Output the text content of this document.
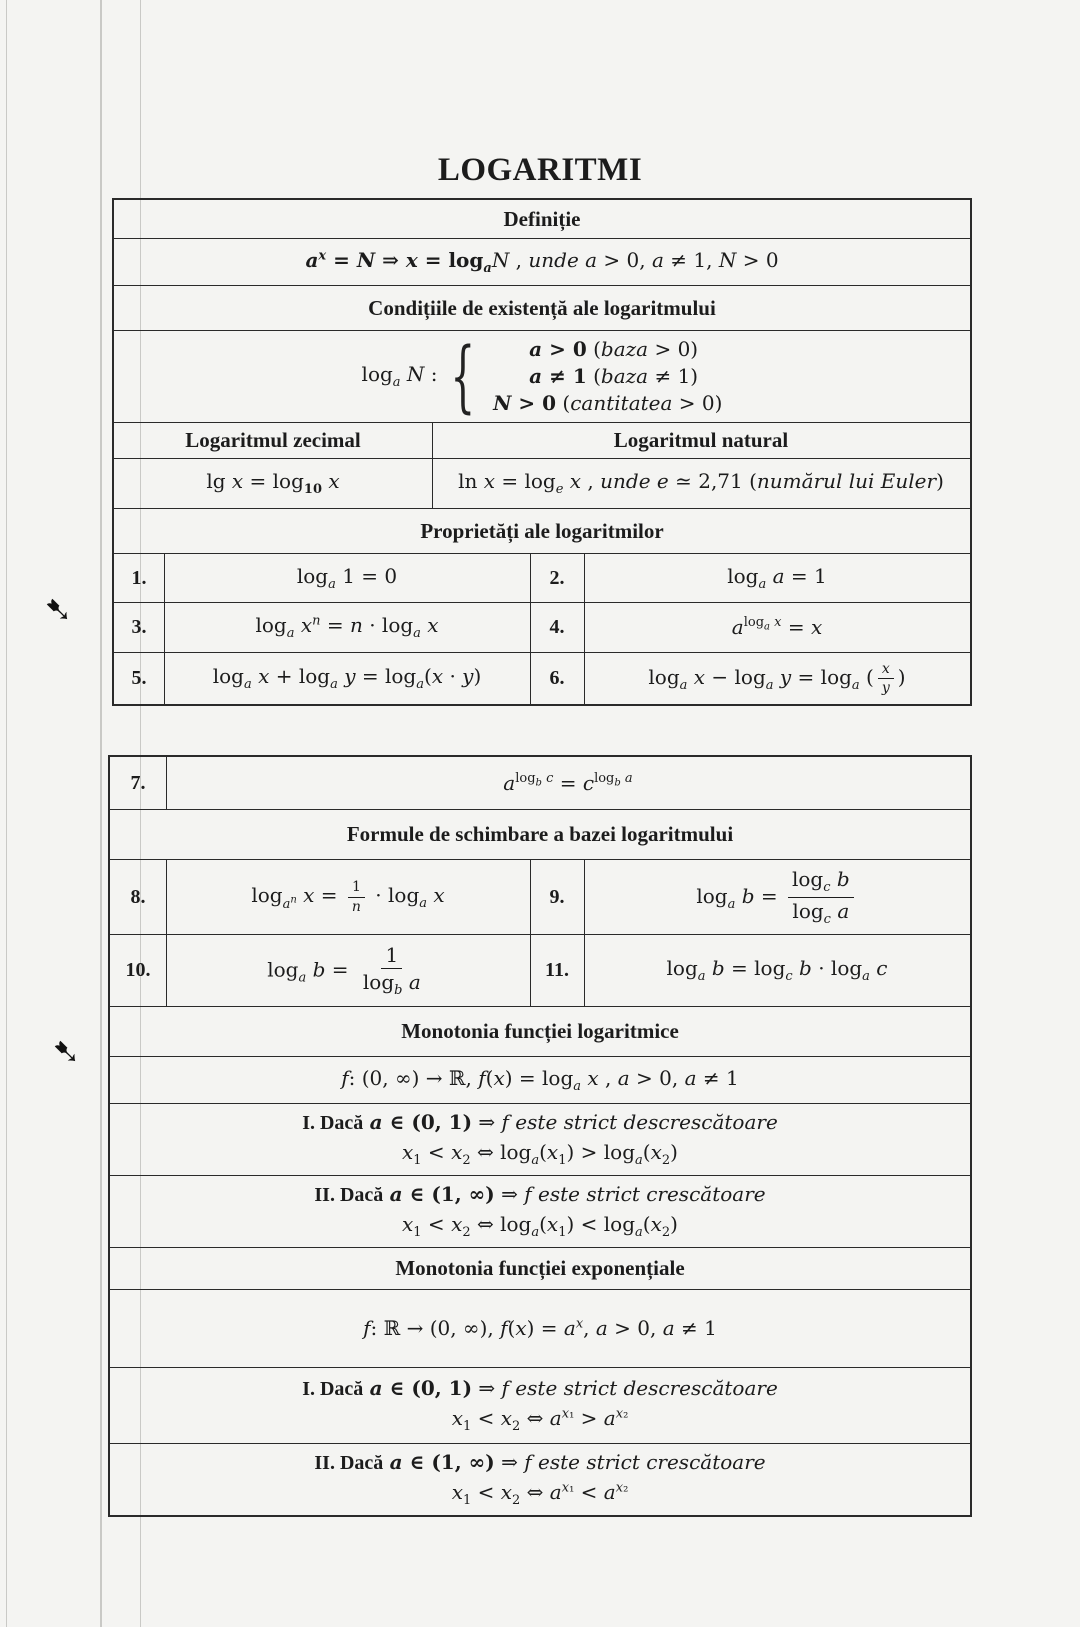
➷
➷
LOGARITMI
Definiție
$a^x = N$ ⇒ $x = \log_aN$ , unde a > 0, a ≠ 1, N > 0
Condițiile de existență ale logaritmului
$\log_a N$ : {	a > 0 (baza > 0)
a ≠ 1 (baza ≠ 1)
N > 0 (cantitatea > 0)
Logaritmul zecimal	Logaritmul natural
$\lg x = \log_{10} x$	$\ln x = \log_e x$ , unde e ≃ 2,71 (numărul lui Euler)
Proprietăți ale logaritmilor
1.	$\log_a 1 = 0$	2.	$\log_a a = 1$
3.	$\log_a x^n = n \cdot \log_a x$	4.	$a^{log_a x} = x$
5.	$\log_a x + \log_a y = \log_a(x \cdot y)$	6.	$\log_a x - \log_a y = \log_a$ ( $\frac{x}{y}$ )
7.	$a^{log_b c} = c^{log_b a}$
Formule de schimbare a bazei logaritmului
8.	$\log_{a^n} x = \frac{1}{n} \cdot \log_a x$	9.	$\log_a b = \frac{\log_c b}{\log_c a}$
10.	$\log_a b = \frac{1}{\log_b a}$	11.	$\log_a b = \log_c b \cdot \log_a c$
Monotonia funcției logaritmice
f: (0, ∞) → ℝ, $f(x) = \log_a x$ , a > 0, a ≠ 1
I. Dacă a ∈ (0, 1) ⇒ f este strict descrescătoare
$x_1 < x_2$ ⇔ $\log_a(x_1) > \log_a(x_2)$
II. Dacă a ∈ (1, ∞) ⇒ f este strict crescătoare
$x_1 < x_2$ ⇔ $\log_a(x_1) < \log_a(x_2)$
Monotonia funcției exponențiale
f: ℝ → (0, ∞), $f(x) = a^x$, a > 0, a ≠ 1
I. Dacă a ∈ (0, 1) ⇒ f este strict descrescătoare
$x_1 < x_2$ ⇔ $a^{x_1} > a^{x_2}$
II. Dacă a ∈ (1, ∞) ⇒ f este strict crescătoare
$x_1 < x_2$ ⇔ $a^{x_1} < a^{x_2}$
